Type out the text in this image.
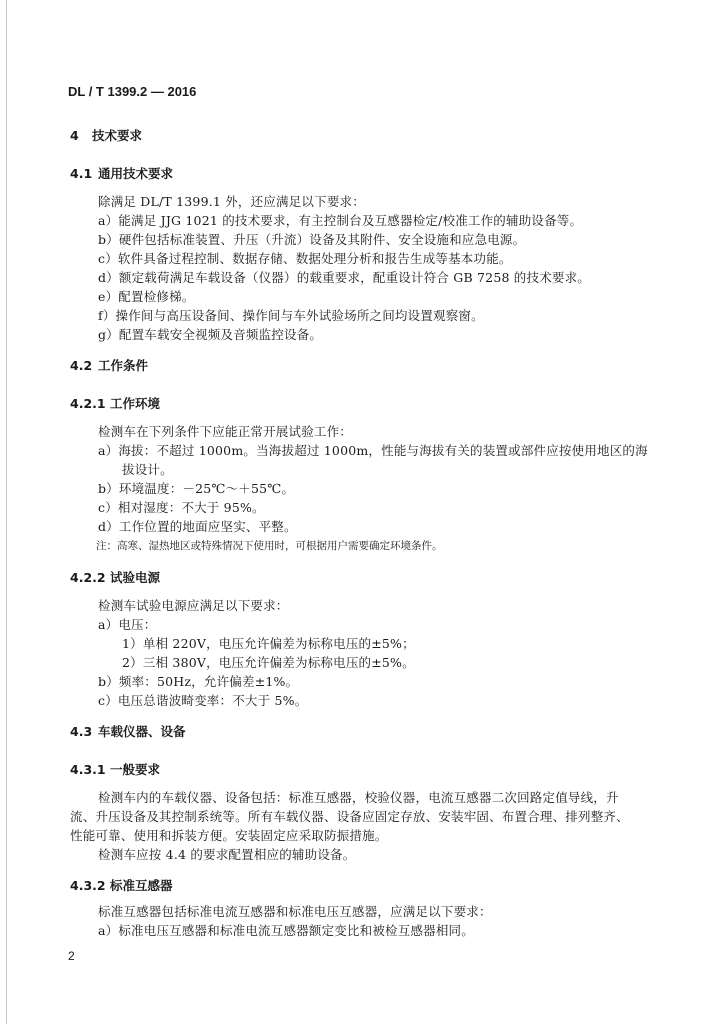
DL / T 1399.2 — 2016
4 技术要求
4.1 通用技术要求
除满足 DL/T 1399.1 外，还应满足以下要求：
a）能满足 JJG 1021 的技术要求，有主控制台及互感器检定/校准工作的辅助设备等。
b）硬件包括标准装置、升压（升流）设备及其附件、安全设施和应急电源。
c）软件具备过程控制、数据存储、数据处理分析和报告生成等基本功能。
d）额定载荷满足车载设备（仪器）的载重要求，配重设计符合 GB 7258 的技术要求。
e）配置检修梯。
f）操作间与高压设备间、操作间与车外试验场所之间均设置观察窗。
g）配置车载安全视频及音频监控设备。
4.2 工作条件
4.2.1 工作环境
检测车在下列条件下应能正常开展试验工作：
a）海拔：不超过 1000m。当海拔超过 1000m，性能与海拔有关的装置或部件应按使用地区的海
拔设计。
b）环境温度：－25℃～＋55℃。
c）相对湿度：不大于 95%。
d）工作位置的地面应坚实、平整。
注：高寒、湿热地区或特殊情况下使用时，可根据用户需要确定环境条件。
4.2.2 试验电源
检测车试验电源应满足以下要求：
a）电压：
1）单相 220V，电压允许偏差为标称电压的±5%；
2）三相 380V，电压允许偏差为标称电压的±5%。
b）频率：50Hz，允许偏差±1%。
c）电压总谐波畸变率：不大于 5%。
4.3 车载仪器、设备
4.3.1 一般要求
检测车内的车载仪器、设备包括：标准互感器，校验仪器，电流互感器二次回路定值导线，升
流、升压设备及其控制系统等。所有车载仪器、设备应固定存放、安装牢固、布置合理、排列整齐、
性能可靠、使用和拆装方便。安装固定应采取防振措施。
检测车应按 4.4 的要求配置相应的辅助设备。
4.3.2 标准互感器
标准互感器包括标准电流互感器和标准电压互感器，应满足以下要求：
a）标准电压互感器和标准电流互感器额定变比和被检互感器相同。
2
